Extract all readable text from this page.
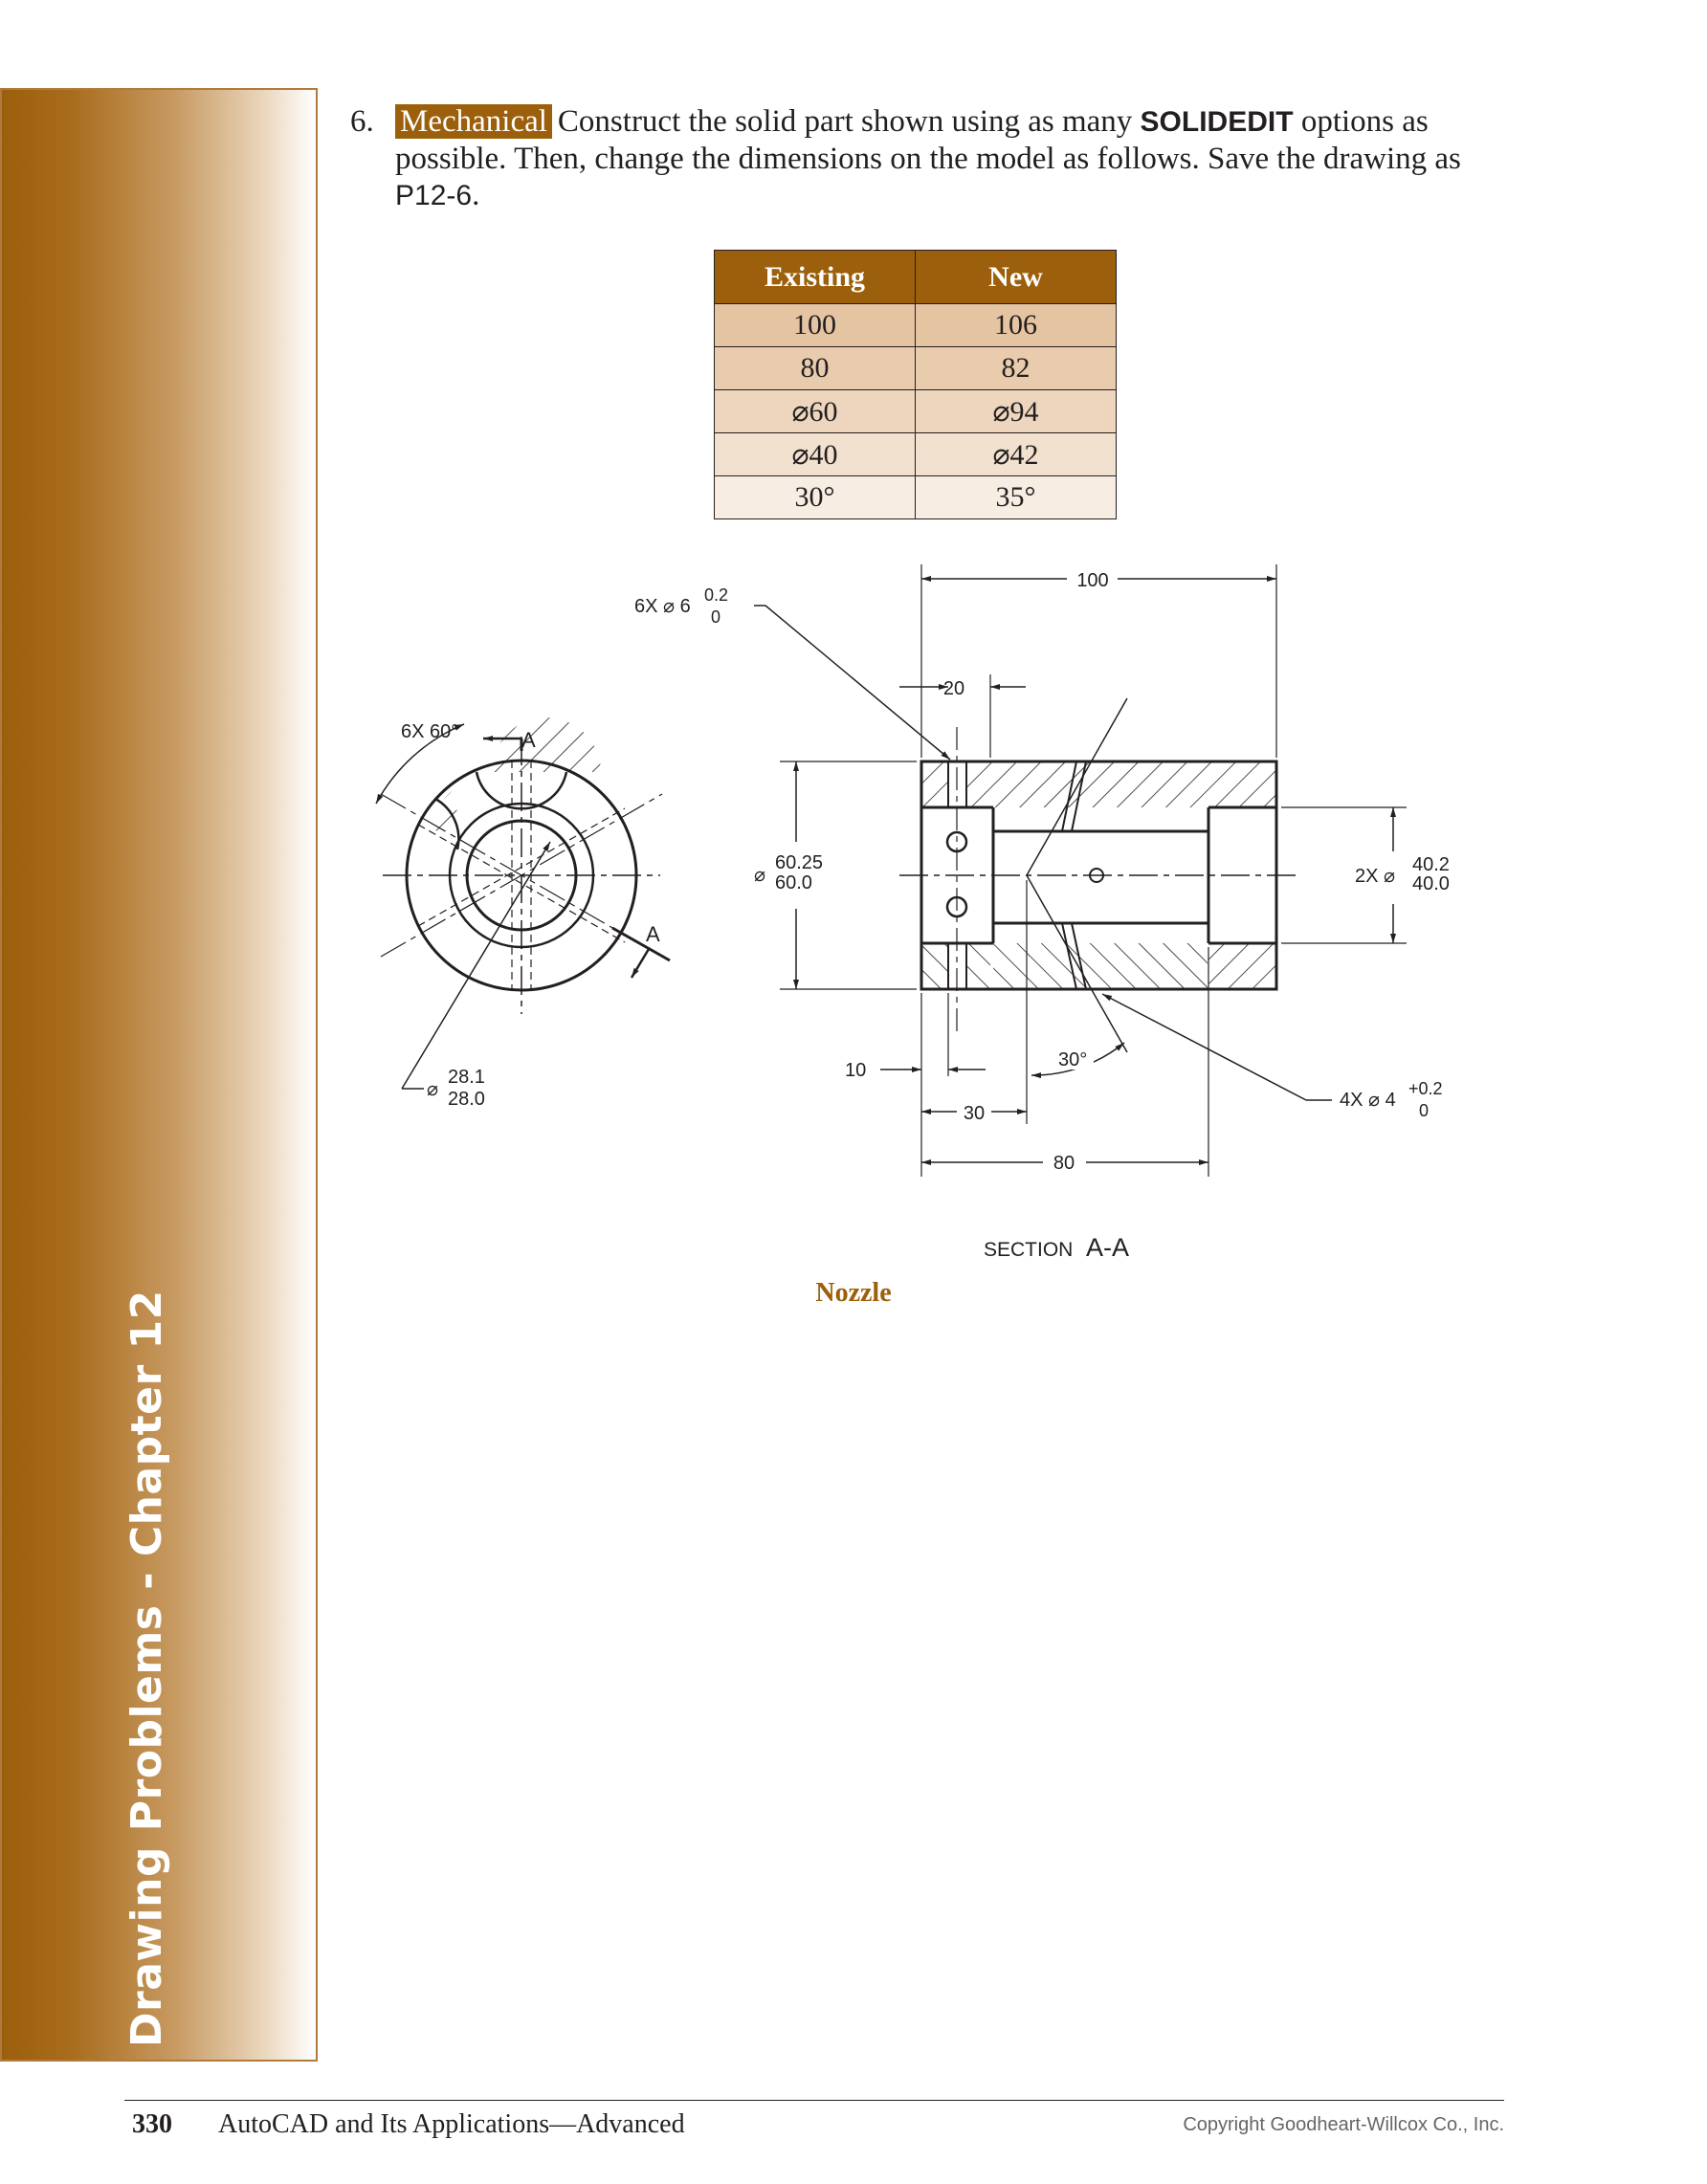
Drawing Problems - Chapter 12
6. Mechanical Construct the solid part shown using as many SOLIDEDIT options as possible. Then, change the dimensions on the model as follows. Save the drawing as P12-6.
Existing	New
100	106
80	82
⌀60	⌀94
⌀40	⌀42
30°	35°
A
A
6X 60°
⌀
28.1
28.0
100
20
6X ⌀ 6
0.2
0
⌀
60.25
60.0	2X ⌀
40.2
40.0
4X ⌀ 4
+0.2
0
10
30
30°
80
SECTION A-A
Nozzle
330 AutoCAD and Its Applications—Advanced	Copyright Goodheart-Willcox Co., Inc.
